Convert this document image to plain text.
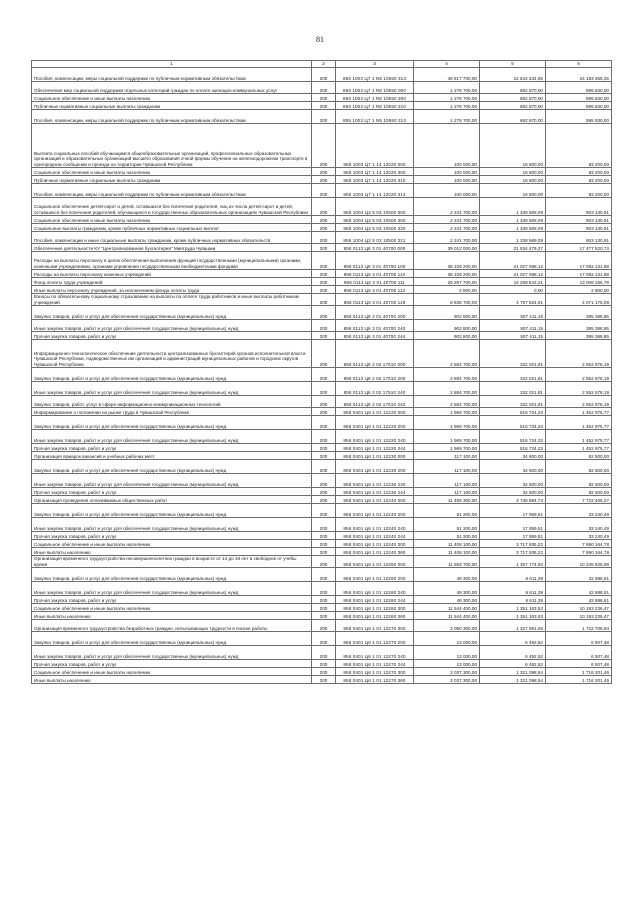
81
1	2	3	4	5	6
Пособия, компенсации, меры социальной поддержки по публичным нормативным обязательствам	200	855 1003 Ц7 1 N5 10550 313	46 817 700,00	22 634 334,55	24 183 365,45
Обеспечение мер социальной поддержки отдельных категорий граждан по оплате жилищно-коммунальных услуг	200	855 1003 Ц7 1 N5 10550 000	1 278 700,00	682 870,00	595 830,00
Социальное обеспечение и иные выплаты населению	200	855 1003 Ц7 1 N5 10550 300	1 278 700,00	682 870,00	595 830,00
Публичные нормативные социальные выплаты гражданам	200	855 1003 Ц7 1 N5 10550 310	1 278 700,00	682 870,00	595 830,00
Пособия, компенсации, меры социальной поддержки по публичным нормативным обязательствам	200	855 1003 Ц7 1 N5 10550 313	1 278 700,00	682 870,00	595 830,00
Выплата социальных пособий обучающимся общеобразовательных организаций, профессиональных образовательных организаций и образовательных организаций высшего образования очной формы обучения на железнодорожном транспорте в пригородном сообщении и проезда на территории Чувашской Республики	200	855 1003 Ц7 1 14 12020 000	100 000,00	16 800,00	83 200,00
Социальное обеспечение и иные выплаты населению	200	855 1003 Ц7 1 14 12020 300	100 000,00	16 800,00	83 200,00
Публичные нормативные социальные выплаты гражданам	200	855 1003 Ц7 1 14 12020 310	100 000,00	16 800,00	83 200,00
Пособия, компенсации, меры социальной поддержки по публичным нормативным обязательствам	200	855 1003 Ц7 1 14 12020 313	100 000,00	16 800,00	83 200,00
Социальное обеспечение детей-сирот и детей, оставшихся без попечения родителей, лиц из числа детей-сирот и детей, оставшихся без попечения родителей, обучающихся в государственных образовательных организациях Чувашской Республики	200	855 1004 Ц2 5 03 10500 000	2 241 700,00	1 338 569,09	903 130,91
Социальное обеспечение и иные выплаты населению	200	855 1004 Ц2 5 03 10500 300	2 241 700,00	1 338 569,09	903 130,91
Социальные выплаты гражданам, кроме публичных нормативных социальных выплат	200	855 1004 Ц2 5 03 10500 320	2 241 700,00	1 338 569,09	903 130,91
Пособия, компенсации и иные социальные выплаты гражданам, кроме публичных нормативных обязательств	200	855 1004 Ц2 5 03 10500 321	2 241 700,00	1 338 569,09	903 130,91
Обеспечение деятельности КУ "Централизованная бухгалтерия" Минтруда Чувашии	200	856 0113 Ц6 3 01 40700 000	39 012 000,00	21 534 479,27	17 477 520,73
Расходы на выплаты персоналу в целях обеспечения выполнения функций государственными (муниципальными) органами, казенными учреждениями, органами управления государственными внебюджетными фондами	200	856 0113 Ц6 3 01 40700 100	38 109 200,00	21 027 068,12	17 082 131,88
Расходы на выплаты персоналу казенных учреждений	200	856 0113 Ц6 3 01 40700 110	38 109 200,00	21 027 068,12	17 082 131,88
Фонд оплаты труда учреждений	200	856 0113 Ц6 3 01 40700 111	29 267 700,00	16 259 543,21	13 008 156,79
Иные выплаты персоналу учреждений, за исключением фонда оплаты труда	200	856 0113 Ц6 3 01 40700 112	2 800,00	0,00	2 800,00
Взносы по обязательному социальному страхованию на выплаты по оплате труда работников и иные выплаты работникам учреждений	200	856 0113 Ц6 3 01 40700 119	8 838 700,00	4 767 524,91	4 071 175,09
Закупка товаров, работ и услуг для обеспечения государственных (муниципальных) нужд	200	856 0113 Ц6 3 01 40700 200	902 800,00	507 411,15	395 388,85
Иные закупки товаров, работ и услуг для обеспечения государственных (муниципальных) нужд	200	856 0113 Ц6 3 01 40700 240	902 800,00	507 411,15	395 388,85
Прочая закупка товаров, работ и услуг	200	856 0113 Ц6 3 01 40700 244	902 800,00	507 411,15	395 388,85
Информационно-технологическое обеспечение деятельности централизованных бухгалтерий органов исполнительной власти Чувашской Республики, подведомственных им организаций и администраций муниципальных районов и городских округов Чувашской Республики	200	856 0113 Ц6 2 02 17510 000	2 884 700,00	332 021,81	2 552 678,19
Закупка товаров, работ и услуг для обеспечения государственных (муниципальных) нужд	200	856 0113 Ц6 2 02 17510 200	2 884 700,00	332 021,81	2 552 678,19
Иные закупки товаров, работ и услуг для обеспечения государственных (муниципальных) нужд	200	856 0113 Ц6 2 02 17510 240	2 884 700,00	332 021,81	2 552 678,19
Закупка товаров, работ, услуг в сфере информационно-коммуникационных технологий	200	856 0113 Ц6 2 02 17510 242	2 884 700,00	332 021,81	2 552 678,19
Информирование о положении на рынке труда в Чувашской Республике	200	856 0401 Ц6 1 01 12220 000	1 969 700,00	516 724,23	1 452 975,77
Закупка товаров, работ и услуг для обеспечения государственных (муниципальных) нужд	200	856 0401 Ц6 1 01 12220 200	1 969 700,00	516 724,23	1 452 975,77
Иные закупки товаров, работ и услуг для обеспечения государственных (муниципальных) нужд	200	856 0401 Ц6 1 01 12220 240	1 969 700,00	516 724,23	1 452 975,77
Прочая закупка товаров, работ и услуг	200	856 0401 Ц6 1 01 12220 244	1 969 700,00	516 724,23	1 452 975,77
Организация ярмарок вакансий и учебных рабочих мест	200	856 0401 Ц6 1 01 12230 000	117 100,00	34 600,00	82 500,00
Закупка товаров, работ и услуг для обеспечения государственных (муниципальных) нужд	200	856 0401 Ц6 1 01 12230 200	117 100,00	34 600,00	82 500,00
Иные закупки товаров, работ и услуг для обеспечения государственных (муниципальных) нужд	200	856 0401 Ц6 1 01 12230 240	117 100,00	34 600,00	82 500,00
Прочая закупка товаров, работ и услуг	200	856 0401 Ц6 1 01 12230 244	117 100,00	34 600,00	82 500,00
Организация проведения оплачиваемых общественных работ	200	856 0401 Ц6 1 01 12240 000	11 459 300,00	3 736 894,73	7 722 405,27
Закупка товаров, работ и услуг для обеспечения государственных (муниципальных) нужд	200	856 0401 Ц6 1 01 12240 200	51 200,00	17 959,51	33 240,49
Иные закупки товаров, работ и услуг для обеспечения государственных (муниципальных) нужд	200	856 0401 Ц6 1 01 12240 240	51 200,00	17 959,51	33 240,49
Прочая закупка товаров, работ и услуг	200	856 0401 Ц6 1 01 12240 244	51 200,00	17 959,51	33 240,49
Социальное обеспечение и иные выплаты населению	200	856 0401 Ц6 1 01 12240 300	11 408 100,00	3 717 935,22	7 690 164,78
Иные выплаты населению	200	856 0401 Ц6 1 01 12240 360	11 408 100,00	3 717 935,22	7 690 164,78
Организация временного трудоустройства несовершеннолетних граждан в возрасте от 14 до 18 лет в свободное от учебы время	200	856 0401 Ц6 1 01 12260 000	11 593 700,00	1 357 774,92	10 235 925,08
Закупка товаров, работ и услуг для обеспечения государственных (муниципальных) нужд	200	856 0401 Ц6 1 01 12260 200	49 300,00	6 611,39	42 688,61
Иные закупки товаров, работ и услуг для обеспечения государственных (муниципальных) нужд	200	856 0401 Ц6 1 01 12260 240	49 300,00	6 611,39	42 688,61
Прочая закупка товаров, работ и услуг	200	856 0401 Ц6 1 01 12260 244	49 300,00	6 611,39	42 688,61
Социальное обеспечение и иные выплаты населению	200	856 0401 Ц6 1 01 12260 300	11 544 400,00	1 351 163,53	10 193 236,47
Иные выплаты населению	200	856 0401 Ц6 1 01 12260 360	11 544 400,00	1 351 163,53	10 193 236,47
Организация временного трудоустройства безработных граждан, испытывающих трудности в поиске работы	200	856 0401 Ц6 1 01 12270 000	3 050 300,00	1 327 591,06	1 722 708,94
Закупка товаров, работ и услуг для обеспечения государственных (муниципальных) нужд	200	856 0401 Ц6 1 01 12270 200	13 000,00	6 492,52	6 507,48
Иные закупки товаров, работ и услуг для обеспечения государственных (муниципальных) нужд	200	856 0401 Ц6 1 01 12270 240	13 000,00	6 492,52	6 507,48
Прочая закупка товаров, работ и услуг	200	856 0401 Ц6 1 01 12270 244	13 000,00	6 492,52	6 507,48
Социальное обеспечение и иные выплаты населению	200	856 0401 Ц6 1 01 12270 300	3 037 300,00	1 321 098,54	1 716 201,46
Иные выплаты населению	200	856 0401 Ц6 1 01 12270 360	3 037 300,00	1 321 098,54	1 716 201,46
